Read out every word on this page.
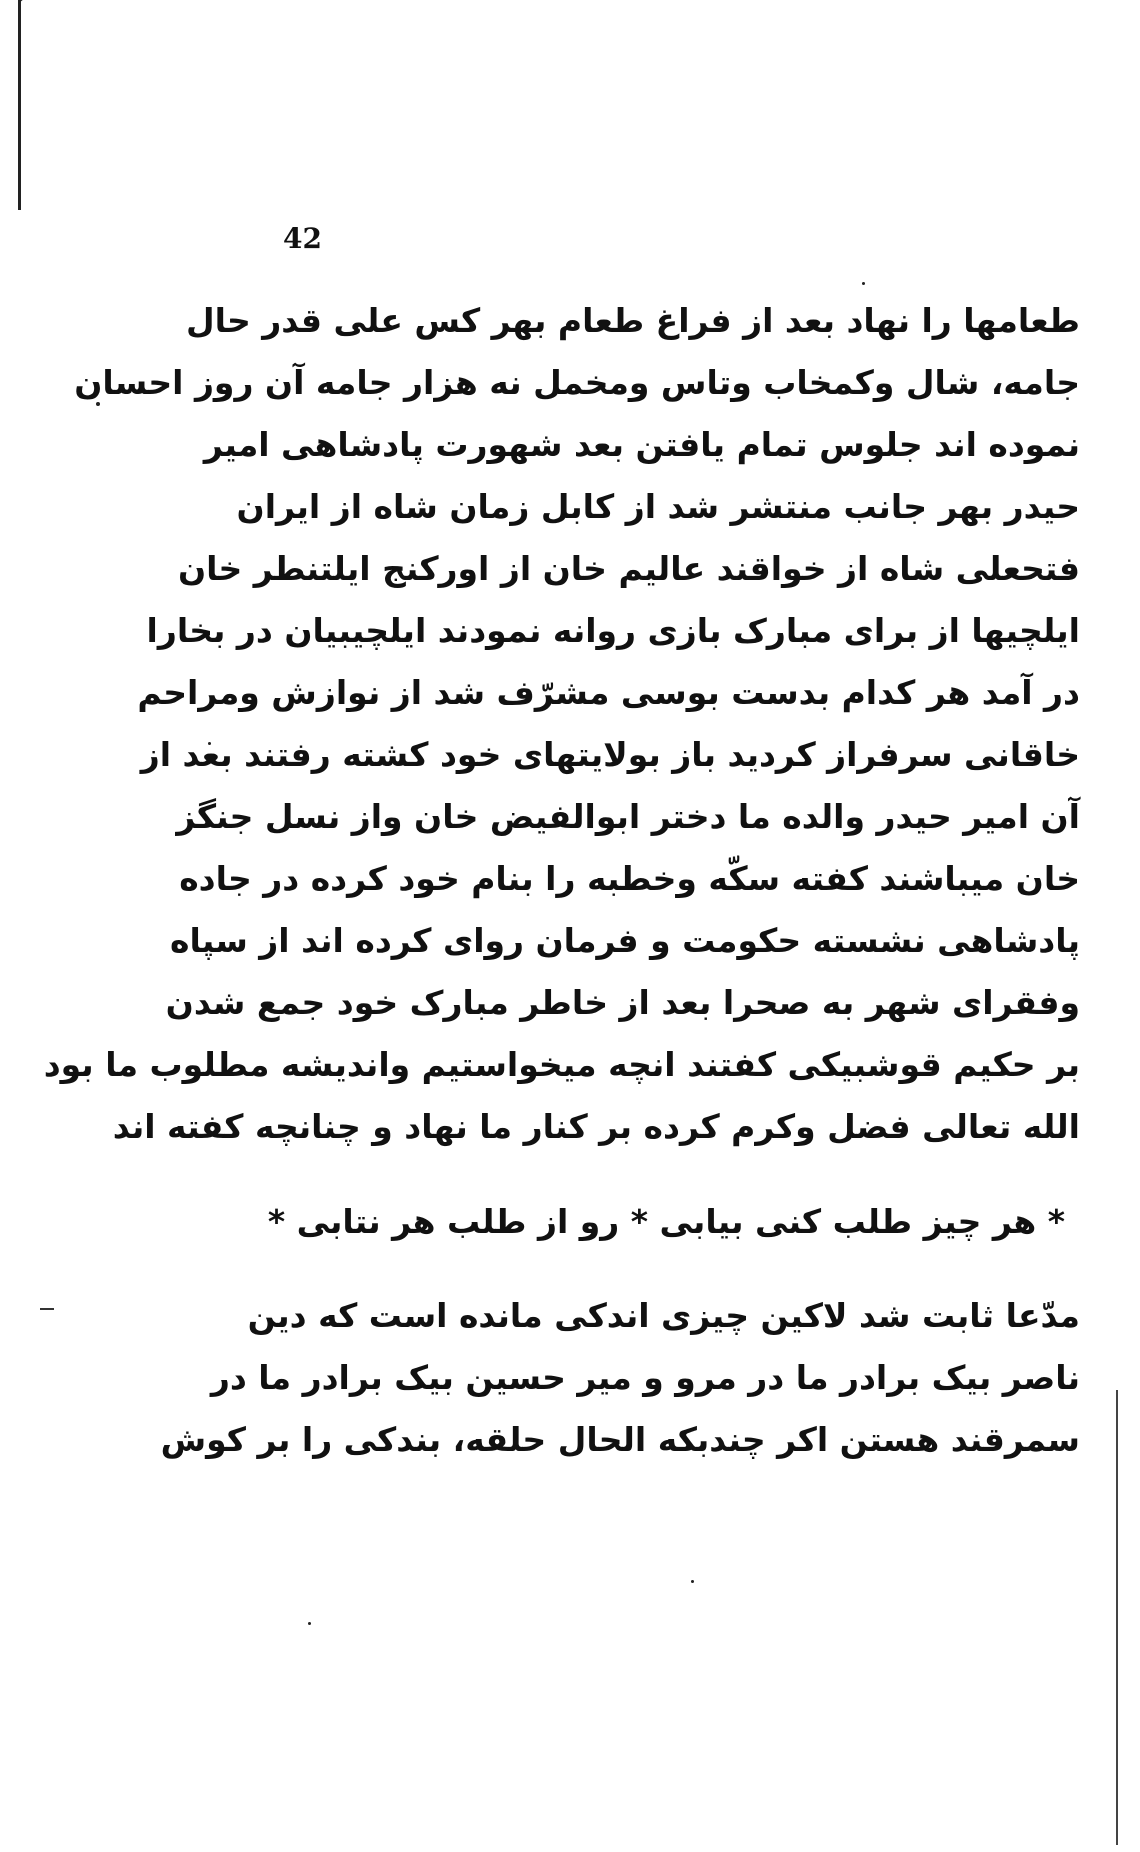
42
طعامها را نهاد بعد از فراغ طعام بهر کس علی قدر حال
جامه، شال وکمخاب وتاس ومخمل نه هزار جامه آن روز احسان
نموده اند جلوس تمام یافتن بعد شهورت پادشاهی امیر
حیدر بهر جانب منتشر شد از کابل زمان شاه از ایران
فتحعلی شاه از خواقند عالیم خان از اورکنج ایلتنطر خان
ایلچیها از برای مبارک بازی روانه نمودند ایلچیبیان در بخارا
در آمد هر کدام بدست بوسی مشرّف شد از نوازش ومراحم
خاقانی سرفراز کردید باز بولایتهای خود کشته رفتند بعد از
آن امیر حیدر والده ما دختر ابوالفیض خان واز نسل جنگز
خان میباشند کفته سکّه وخطبه را بنام خود کرده در جاده
پادشاهی نشسته حکومت و فرمان روای کرده اند از سپاه
وفقرای شهر به صحرا بعد از خاطر مبارک خود جمع شدن
بر حکیم قوشبیکی کفتند انچه میخواستیم واندیشه مطلوب ما بود
الله تعالی فضل وکرم کرده بر کنار ما نهاد و چنانچه کفته اند
* هر چیز طلب کنی بیابی * رو از طلب هر نتابی *
مدّعا ثابت شد لاکین چیزی اندکی مانده است که دین
ناصر بیک برادر ما در مرو و میر حسین بیک برادر ما در
سمرقند هستن اکر چندبکه الحال حلقه، بندکی را بر کوش
